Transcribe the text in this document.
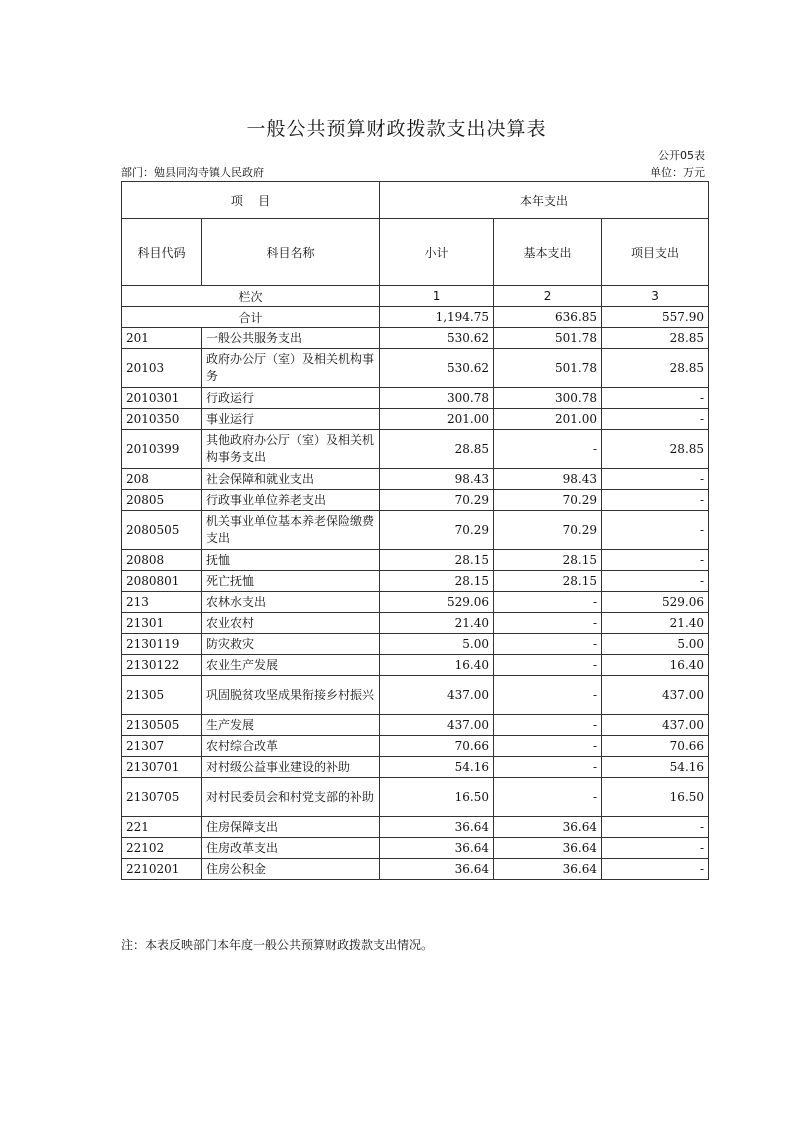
一般公共预算财政拨款支出决算表
公开05表
部门：勉县同沟寺镇人民政府	单位：万元
项    目		本年支出		
科目代码	科目名称	小计	基本支出	项目支出
栏次		1	2	3
合计		1,194.75	636.85	557.90
201	一般公共服务支出	530.62	501.78	28.85
20103	政府办公厅（室）及相关机构事务	530.62	501.78	28.85
2010301	行政运行	300.78	300.78	-
2010350	事业运行	201.00	201.00	-
2010399	其他政府办公厅（室）及相关机构事务支出	28.85	-	28.85
208	社会保障和就业支出	98.43	98.43	-
20805	行政事业单位养老支出	70.29	70.29	-
2080505	机关事业单位基本养老保险缴费支出	70.29	70.29	-
20808	抚恤	28.15	28.15	-
2080801	死亡抚恤	28.15	28.15	-
213	农林水支出	529.06	-	529.06
21301	农业农村	21.40	-	21.40
2130119	防灾救灾	5.00	-	5.00
2130122	农业生产发展	16.40	-	16.40
21305	巩固脱贫攻坚成果衔接乡村振兴	437.00	-	437.00
2130505	生产发展	437.00	-	437.00
21307	农村综合改革	70.66	-	70.66
2130701	对村级公益事业建设的补助	54.16	-	54.16
2130705	对村民委员会和村党支部的补助	16.50	-	16.50
221	住房保障支出	36.64	36.64	-
22102	住房改革支出	36.64	36.64	-
2210201	住房公积金	36.64	36.64	-
注：本表反映部门本年度一般公共预算财政拨款支出情况。
